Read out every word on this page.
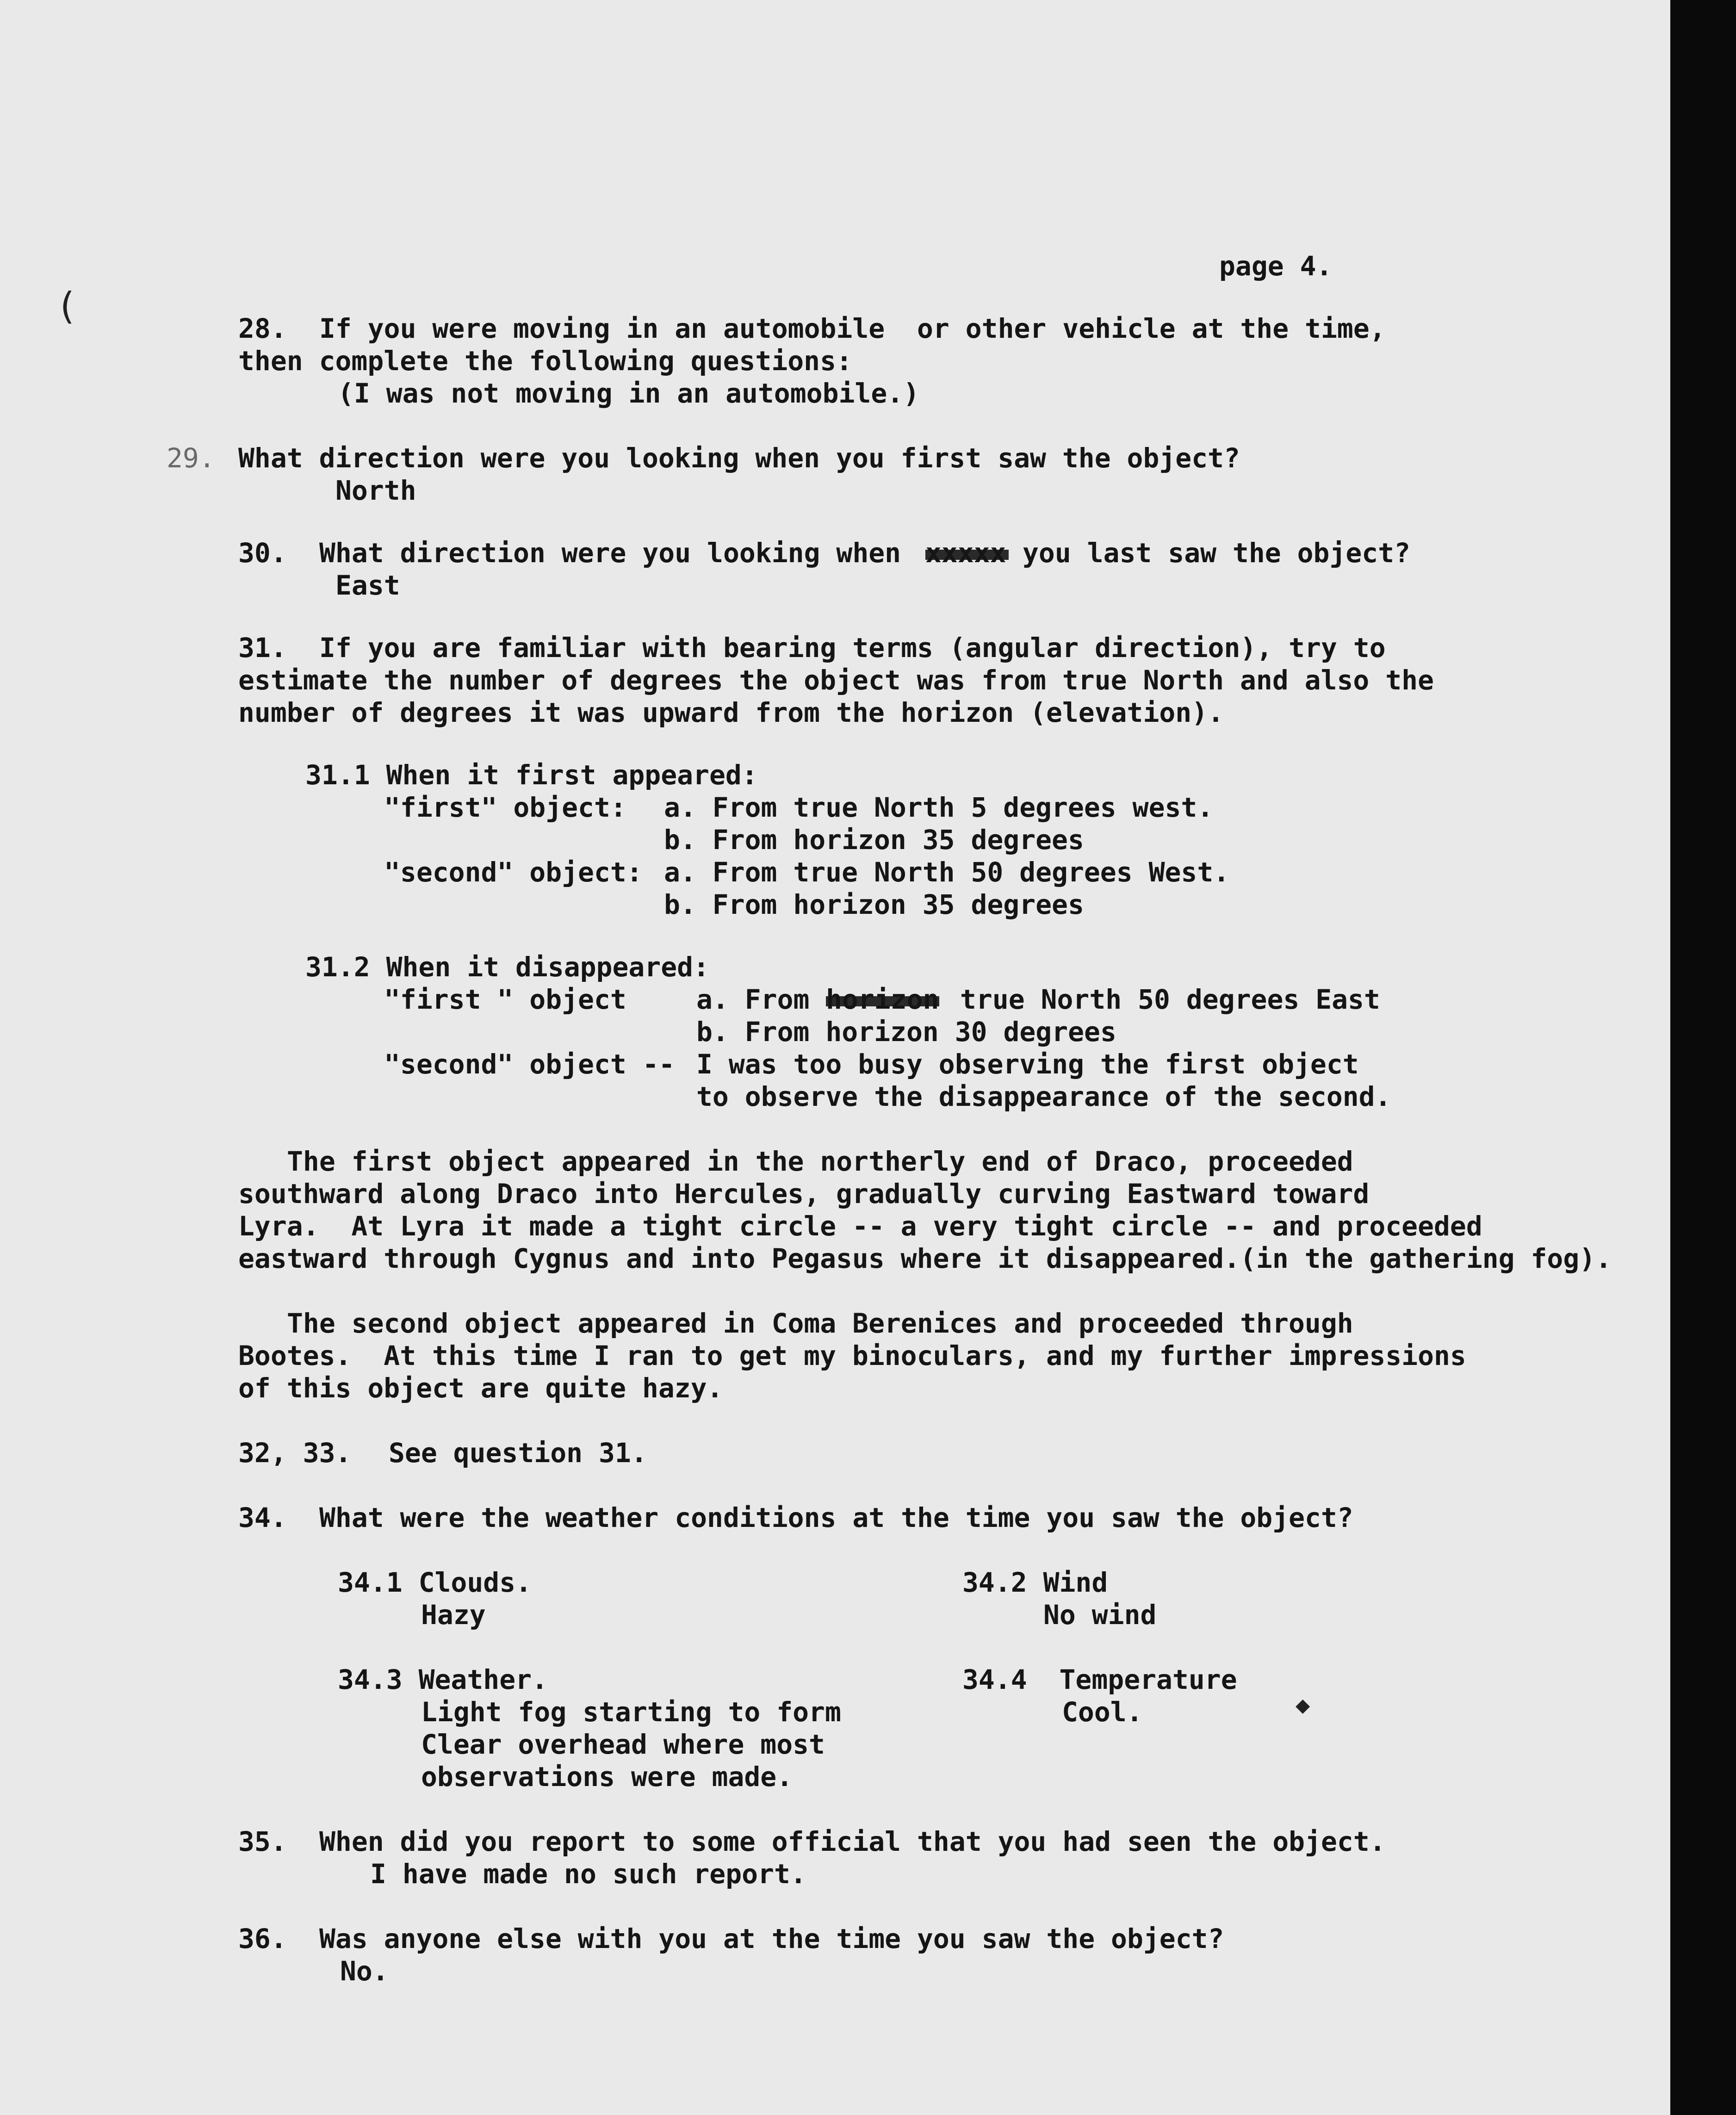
(
◆
page 4.
28. If you were moving in an automobile  or other vehicle at the time,
then complete the following questions:
(I was not moving in an automobile.)
29. What direction were you looking when you first saw the object?
North
30. What direction were you looking when	you last saw the object?
East
31. If you are familiar with bearing terms (angular direction), try to
estimate the number of degrees the object was from true North and also the
number of degrees it was upward from the horizon (elevation).
31.1 When it first appeared:
"first" object: a. From true North 5 degrees west.
b. From horizon 35 degrees
"second" object: a. From true North 50 degrees West.
b. From horizon 35 degrees
31.2 When it disappeared:
"first " object	a. From	true North 50 degrees East
b. From horizon 30 degrees
"second" object -- I was too busy observing the first object
to observe the disappearance of the second.
The first object appeared in the northerly end of Draco, proceeded
southward along Draco into Hercules, gradually curving Eastward toward
Lyra.  At Lyra it made a tight circle -- a very tight circle -- and proceeded
eastward through Cygnus and into Pegasus where it disappeared.(in the gathering fog).
The second object appeared in Coma Berenices and proceeded through
Bootes.  At this time I ran to get my binoculars, and my further impressions
of this object are quite hazy.
32, 33. See question 31.
34. What were the weather conditions at the time you saw the object?
34.1 Clouds.
Hazy
34.2 Wind
No wind
34.3 Weather.
Light fog starting to form
Clear overhead where most
observations were made.
34.4  Temperature
Cool.
35. When did you report to some official that you had seen the object.
I have made no such report.
36. Was anyone else with you at the time you saw the object?
No.
